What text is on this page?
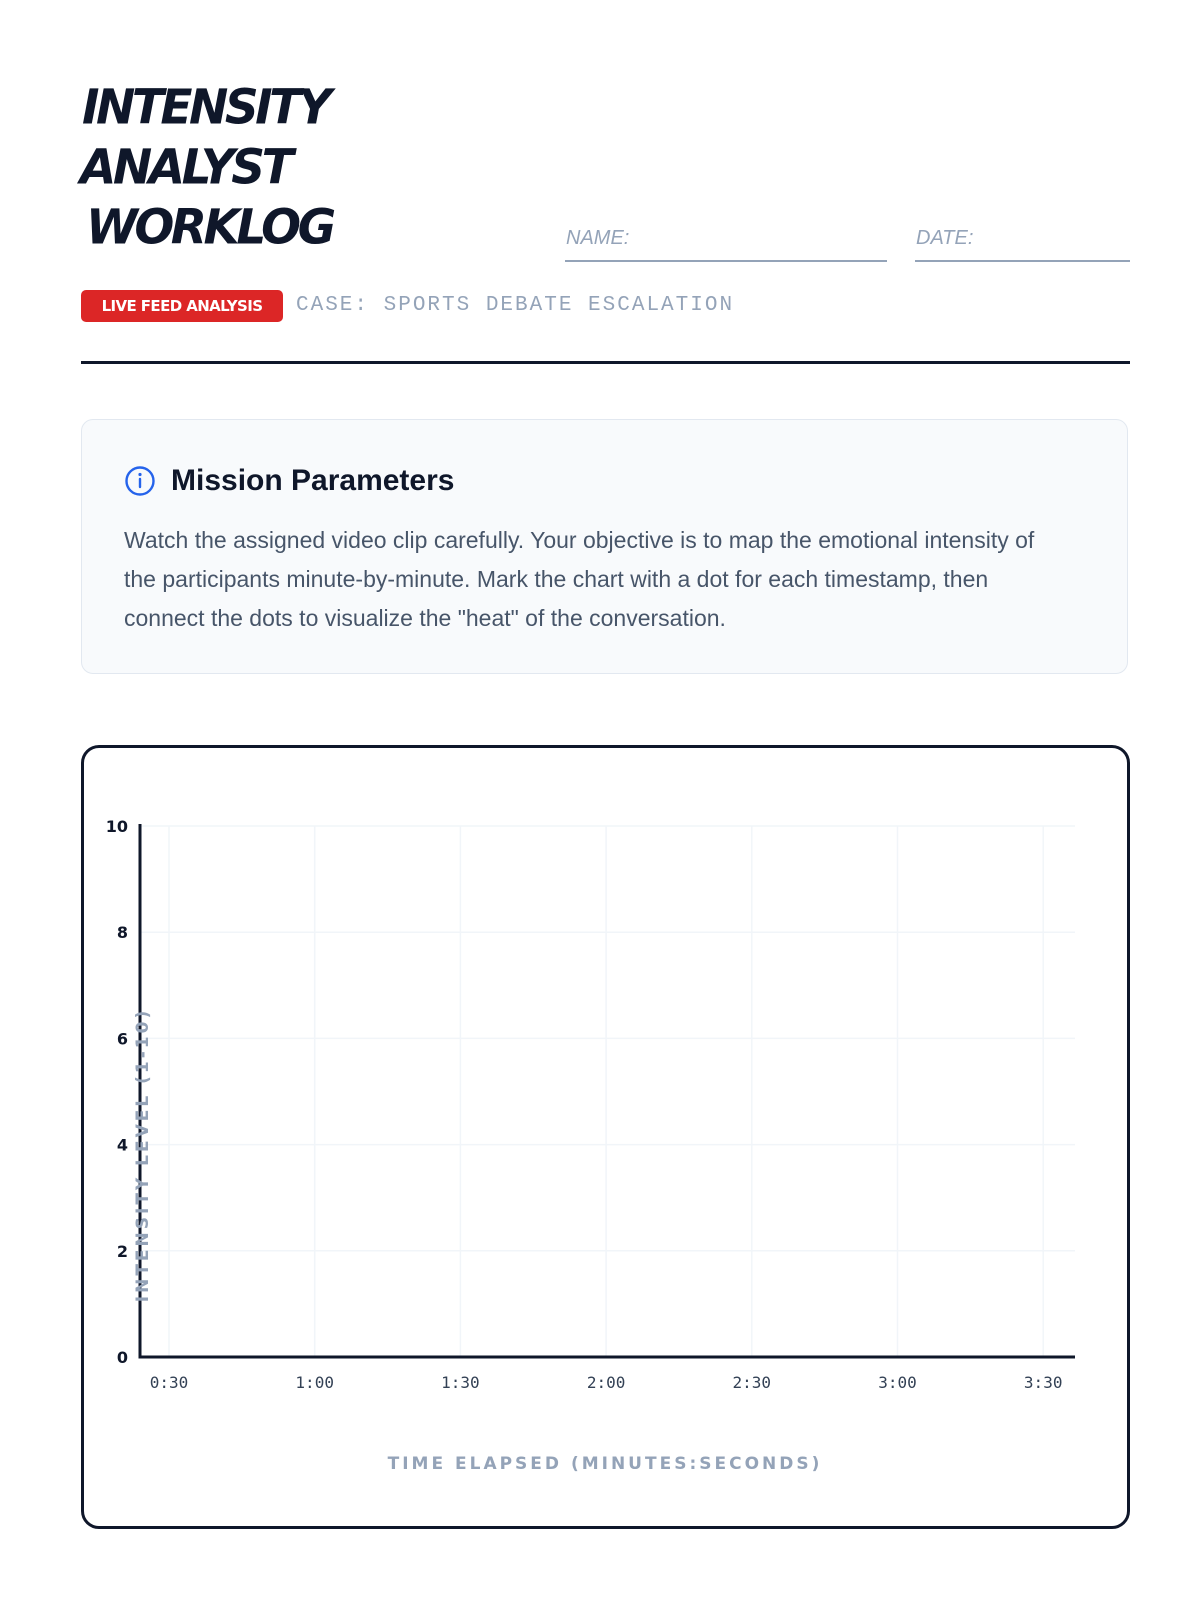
INTENSITY
ANALYST
WORKLOG	NAME:	DATE:
LIVE FEED ANALYSIS	CASE: SPORTS DEBATE ESCALATION
Mission Parameters
Watch the assigned video clip carefully. Your objective is to map the emotional intensity of the participants minute-by-minute. Mark the chart with a dot for each timestamp, then connect the dots to visualize the "heat" of the conversation.
0
2
4
6
8
10
0:30	1:00	1:30	2:00	2:30	3:00	3:30
TIME ELAPSED (MINUTES:SECONDS)
INTENSITY LEVEL (1-10)
